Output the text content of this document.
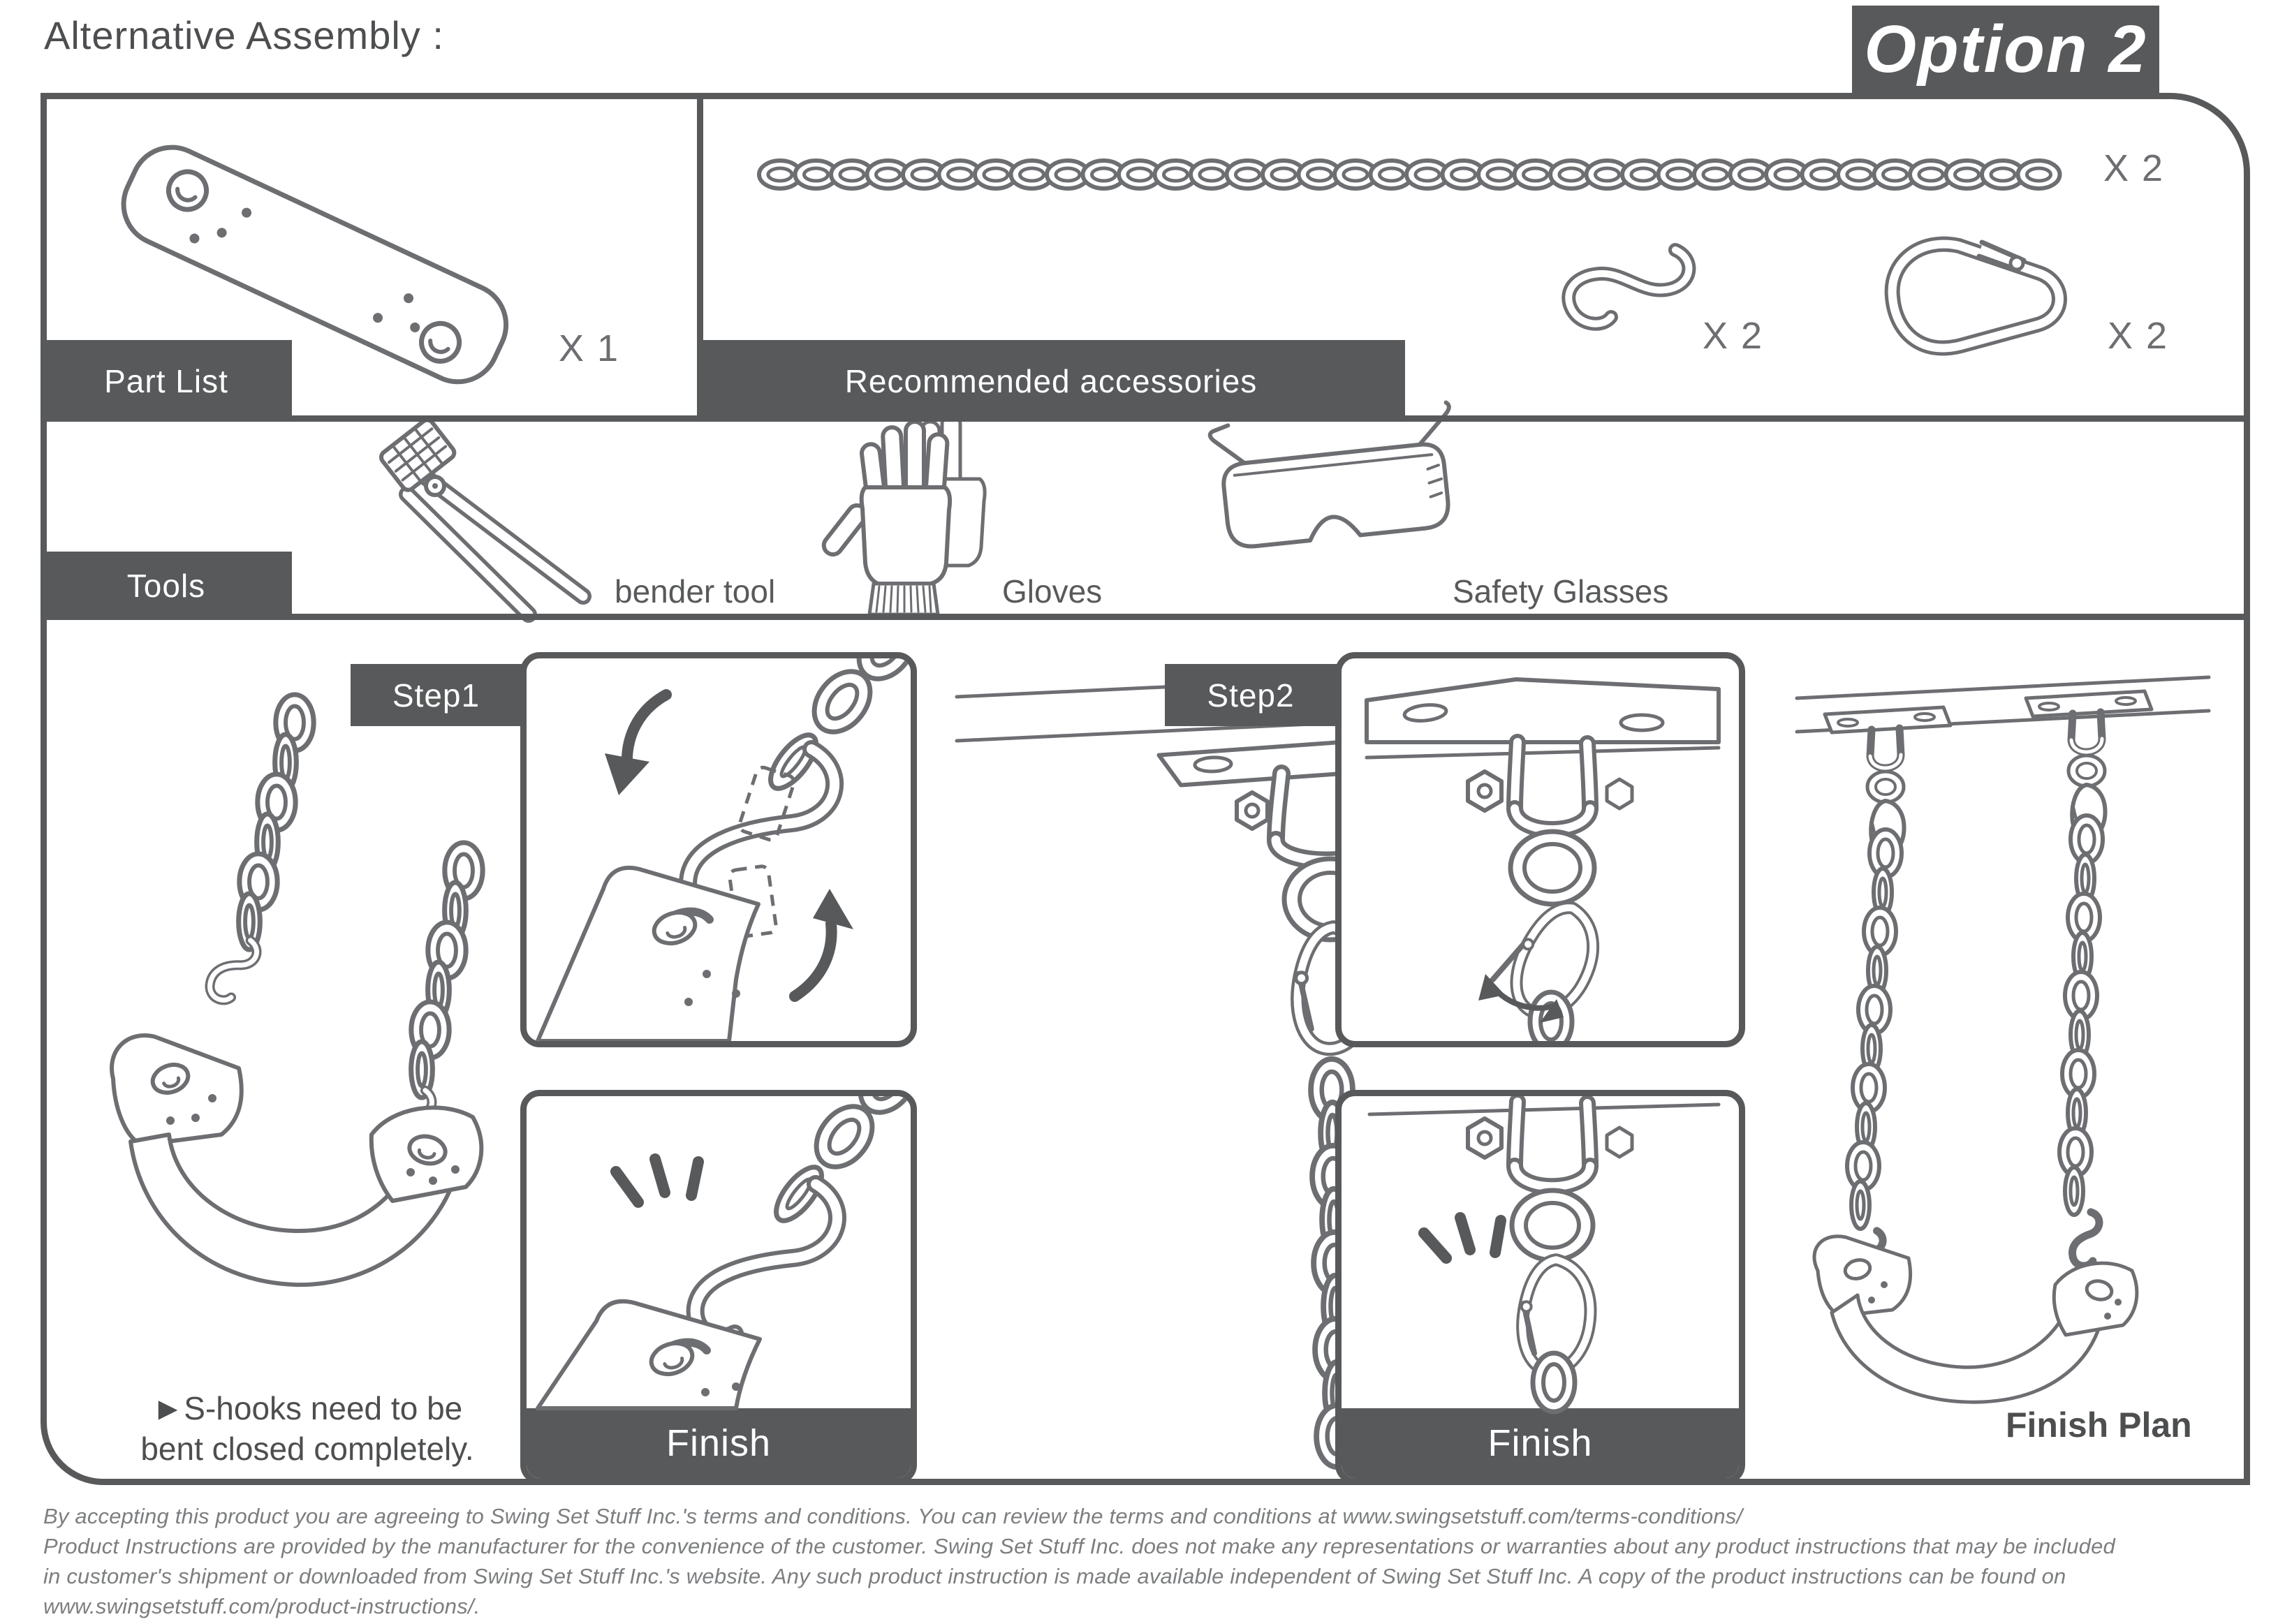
Alternative Assembly :	Option 2
Part List	Recommended accessories
Tools
Step1	Step2
X 1
X 2
X 2	X 2
bender tool	Gloves	Safety Glasses
Finish	Finish
►S-hooks need to be
bent closed completely.
Finish Plan
By accepting this product you are agreeing to Swing Set Stuff Inc.'s terms and conditions. You can review the terms and conditions at www.swingsetstuff.com/terms-conditions/
Product Instructions are provided by the manufacturer for the convenience of the customer. Swing Set Stuff Inc. does not make any representations or warranties about any product instructions that may be included
in customer's shipment or downloaded from Swing Set Stuff Inc.'s website. Any such product instruction is made available independent of Swing Set Stuff Inc. A copy of the product instructions can be found on
www.swingsetstuff.com/product-instructions/.
